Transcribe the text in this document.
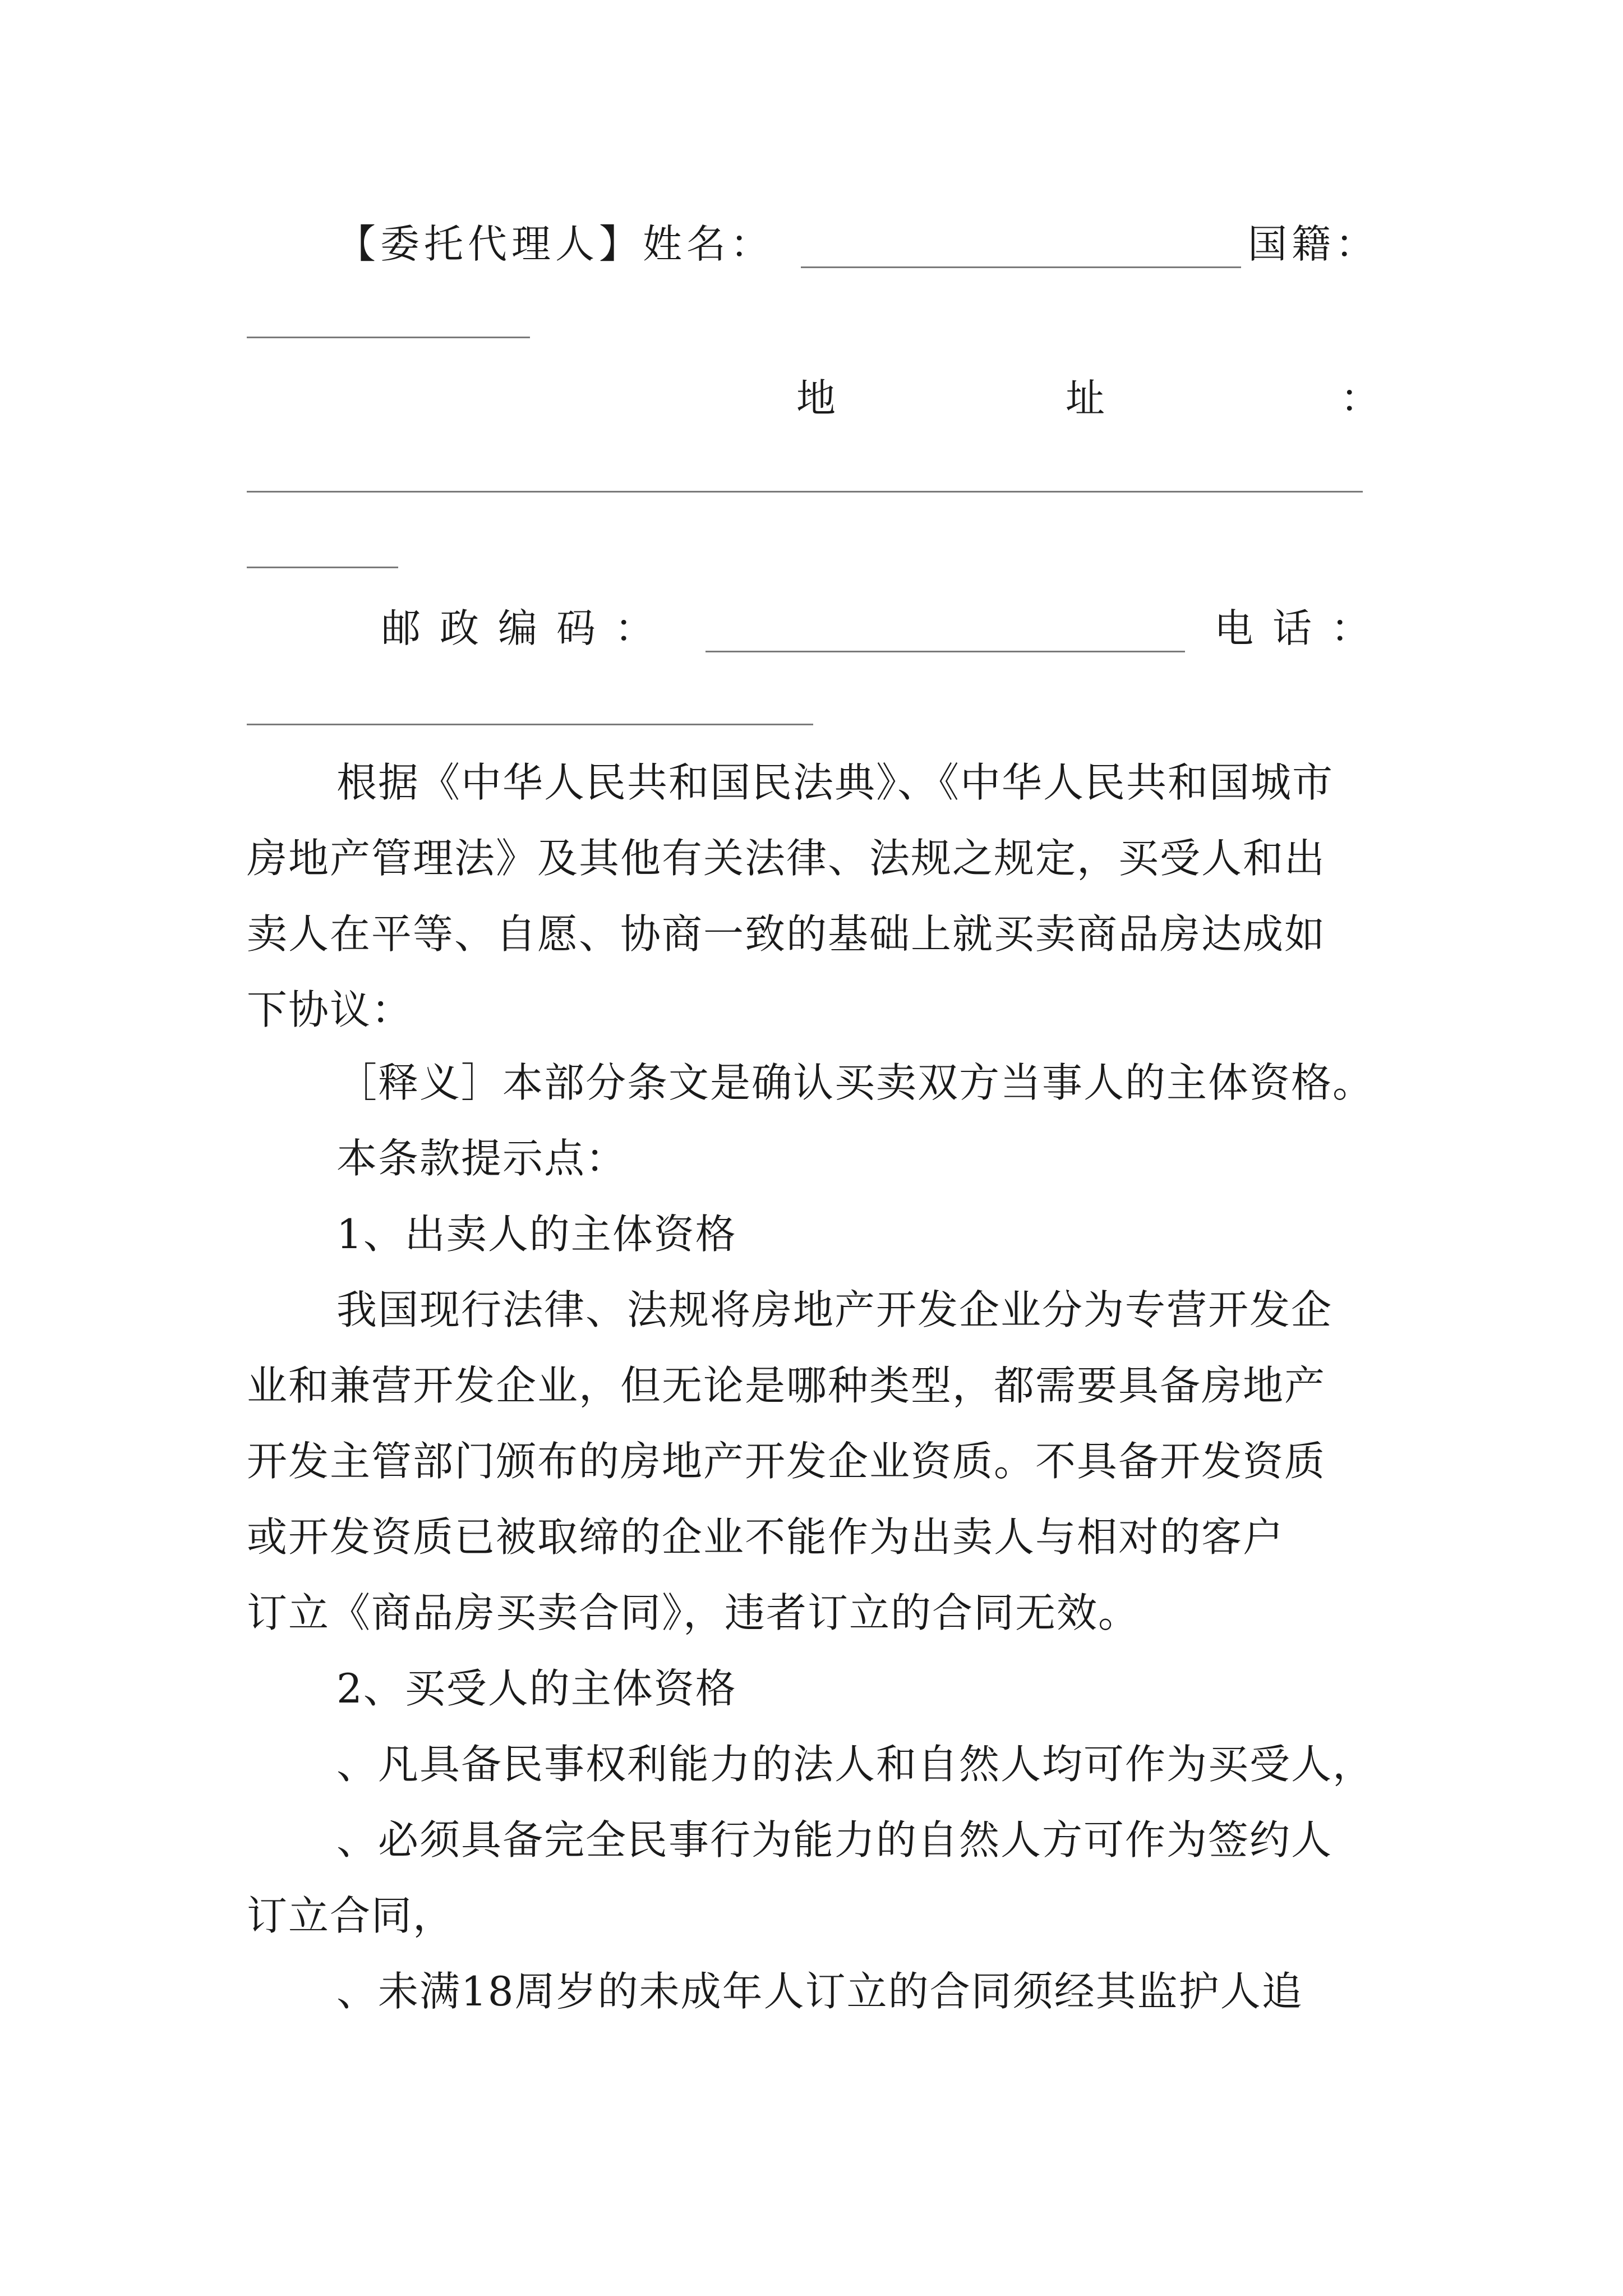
【委托代理人】姓名：	国籍：
地	址	：
邮政编码：	电话：
根据《中华人民共和国民法典》、《中华人民共和国城市
房地产管理法》及其他有关法律、法规之规定，买受人和出
卖人在平等、自愿、协商一致的基础上就买卖商品房达成如
下协议：
［释义］本部分条文是确认买卖双方当事人的主体资格。
本条款提示点：
1、出卖人的主体资格
我国现行法律、法规将房地产开发企业分为专营开发企
业和兼营开发企业，但无论是哪种类型，都需要具备房地产
开发主管部门颁布的房地产开发企业资质。不具备开发资质
或开发资质已被取缔的企业不能作为出卖人与相对的客户
订立《商品房买卖合同》，违者订立的合同无效。
2、买受人的主体资格
、凡具备民事权利能力的法人和自然人均可作为买受人，
、必须具备完全民事行为能力的自然人方可作为签约人
订立合同，
、未满18周岁的未成年人订立的合同须经其监护人追
